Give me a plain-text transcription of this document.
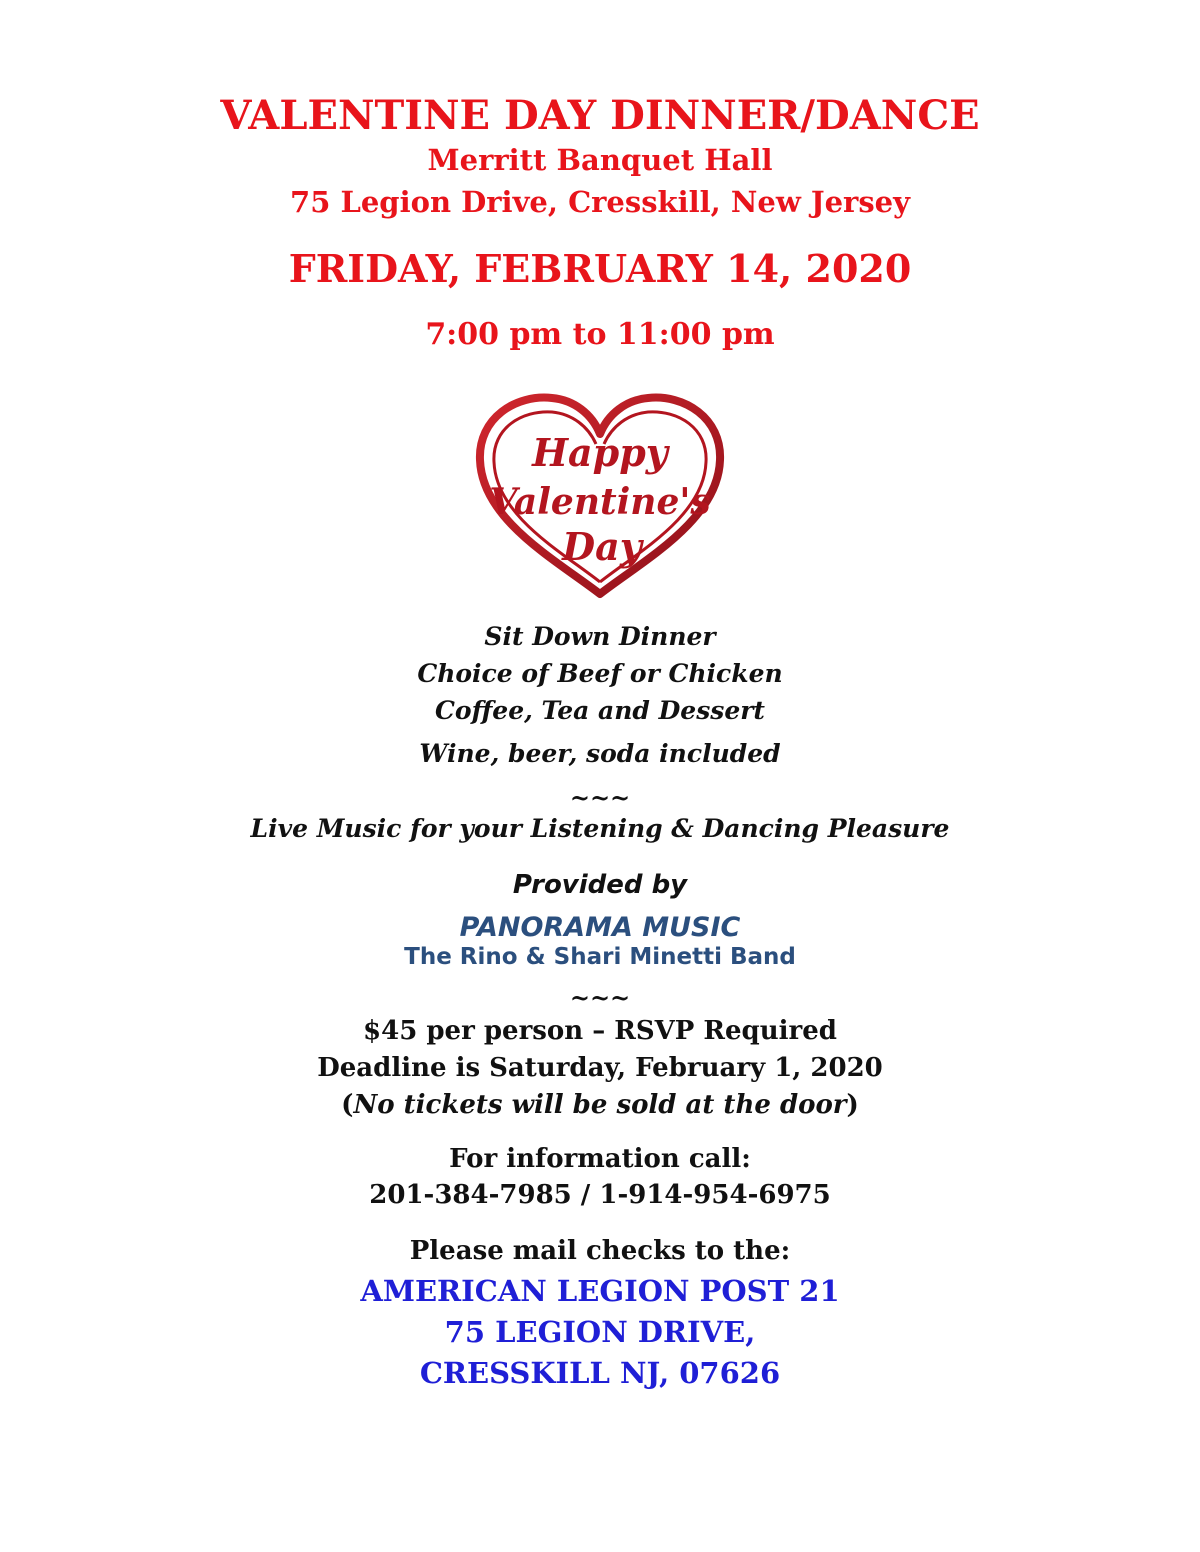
VALENTINE DAY DINNER/DANCE
Merritt Banquet Hall
75 Legion Drive, Cresskill, New Jersey
FRIDAY, FEBRUARY 14, 2020
7:00 pm to 11:00 pm
Happy
Valentine's
Day
Sit Down Dinner
Choice of Beef or Chicken
Coffee, Tea and Dessert
Wine, beer, soda included
~~~
Live Music for your Listening & Dancing Pleasure
Provided by
PANORAMA MUSIC
The Rino & Shari Minetti Band
~~~
$45 per person – RSVP Required
Deadline is Saturday, February 1, 2020
(No tickets will be sold at the door)
For information call:
201-384-7985 / 1-914-954-6975
Please mail checks to the:
AMERICAN LEGION POST 21
75 LEGION DRIVE,
CRESSKILL NJ, 07626
